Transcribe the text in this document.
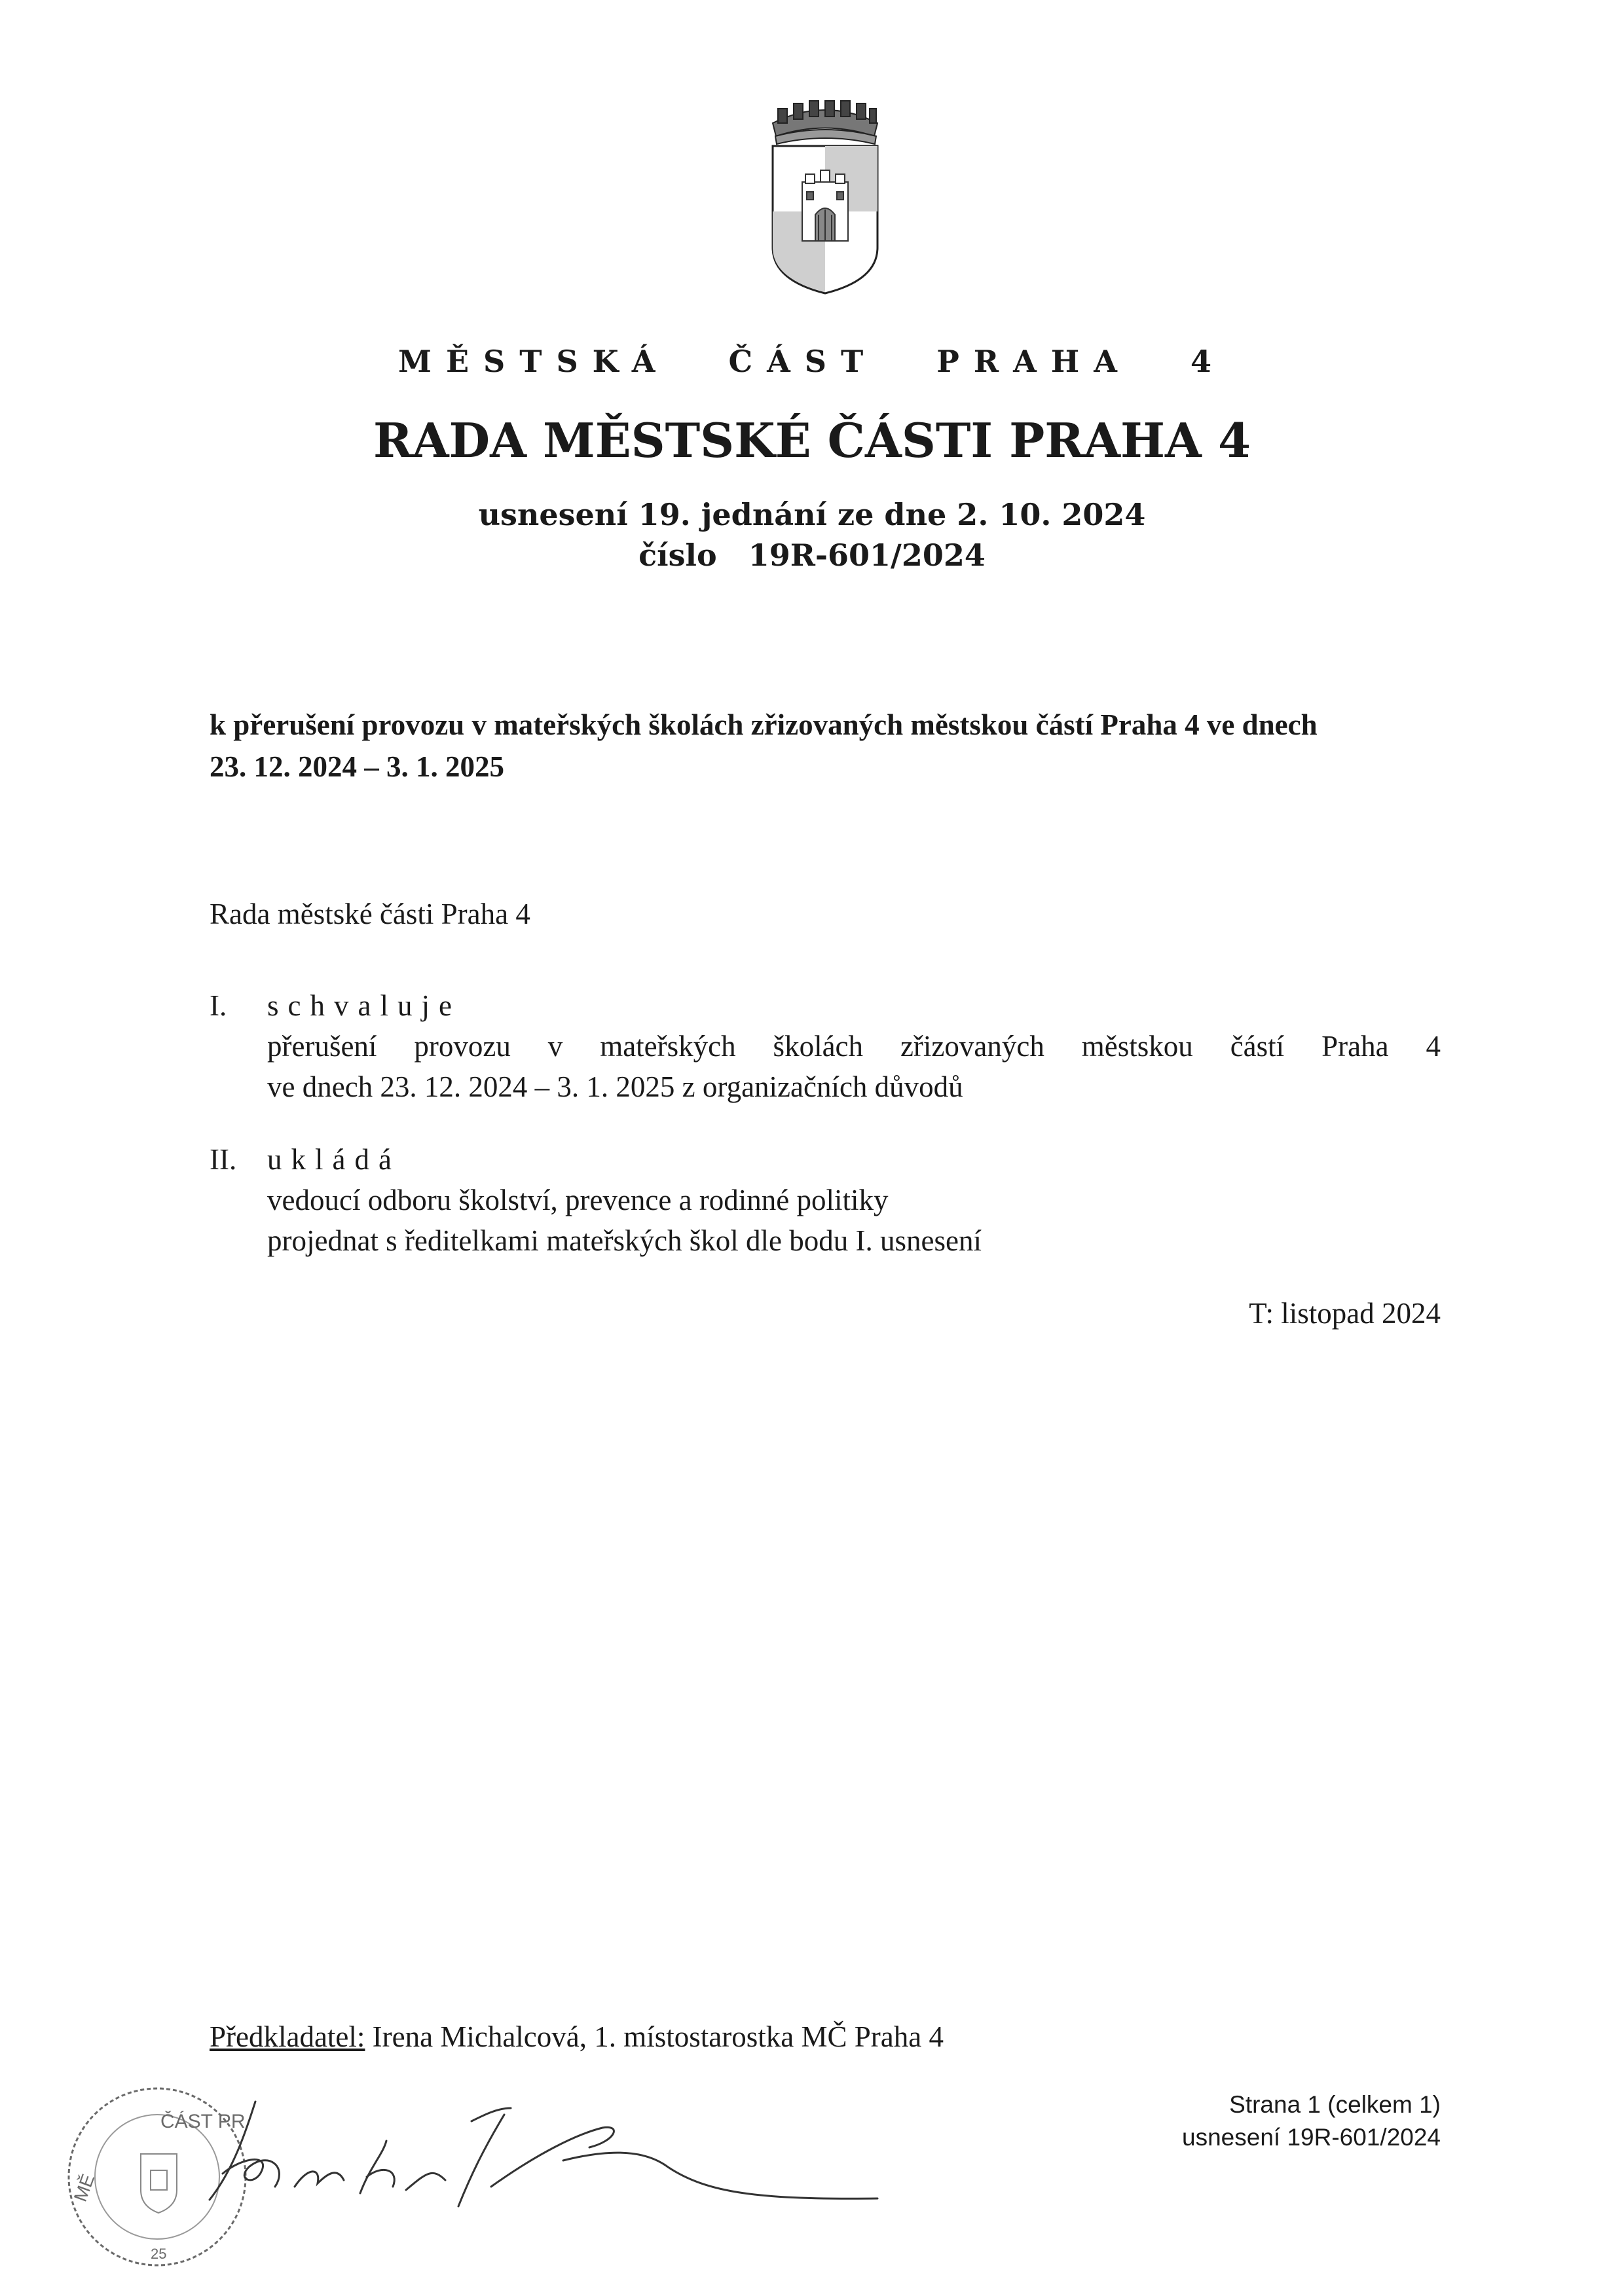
MĚSTSKÁ ČÁST PRAHA 4
RADA MĚSTSKÉ ČÁSTI PRAHA 4
usnesení 19. jednání ze dne 2. 10. 2024
číslo   19R-601/2024
k přerušení provozu v mateřských školách zřizovaných městskou částí Praha 4 ve dnech
23. 12. 2024 – 3. 1. 2025
Rada městské části Praha 4
I. schvaluje
přerušení provozu v mateřských školách zřizovaných městskou částí Praha 4
ve dnech 23. 12. 2024 – 3. 1. 2025 z organizačních důvodů
II. ukládá
vedoucí odboru školství, prevence a rodinné politiky
projednat s ředitelkami mateřských škol dle bodu I. usnesení
T: listopad 2024
Předkladatel: Irena Michalcová, 1. místostarostka MČ Praha 4
Strana 1 (celkem 1)
usnesení 19R-601/2024
ČÁST PR
MĚ
25
